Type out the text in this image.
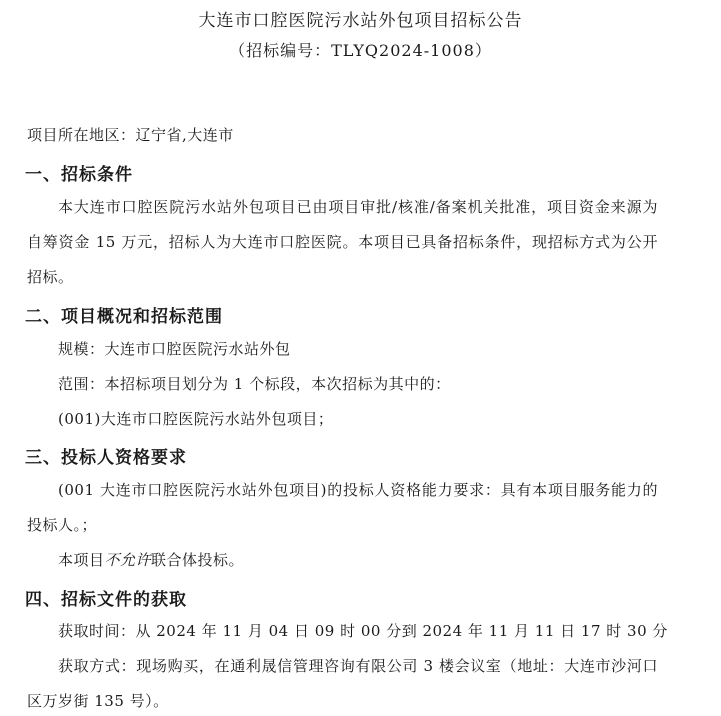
大连市口腔医院污水站外包项目招标公告
（招标编号：TLYQ2024-1008）
项目所在地区：辽宁省,大连市
一、招标条件
本大连市口腔医院污水站外包项目已由项目审批/核准/备案机关批准，项目资金来源为
自筹资金 15 万元，招标人为大连市口腔医院。本项目已具备招标条件，现招标方式为公开
招标。
二、项目概况和招标范围
规模：大连市口腔医院污水站外包
范围：本招标项目划分为 1 个标段，本次招标为其中的：
(001)大连市口腔医院污水站外包项目；
三、投标人资格要求
(001 大连市口腔医院污水站外包项目)的投标人资格能力要求：具有本项目服务能力的
投标人。；
本项目不允许联合体投标。
四、招标文件的获取
获取时间：从 2024 年 11 月 04 日 09 时 00 分到 2024 年 11 月 11 日 17 时 30 分
获取方式：现场购买，在通利晟信管理咨询有限公司 3 楼会议室（地址：大连市沙河口
区万岁街 135 号）。
